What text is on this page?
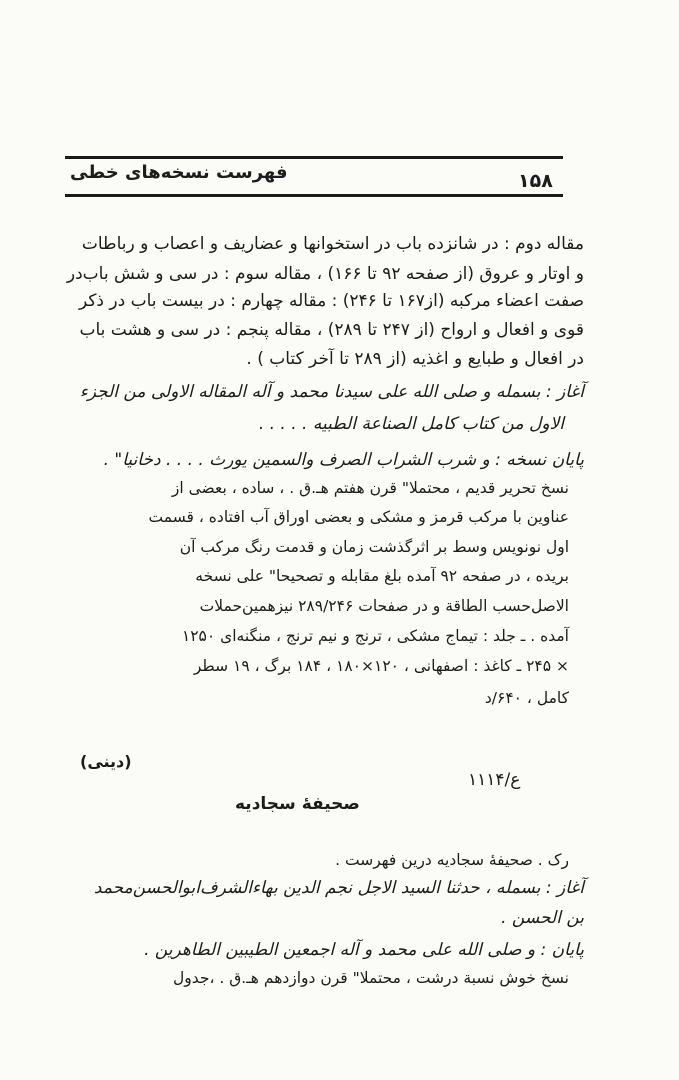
فهرست نسخه‌های خطی	۱۵۸
مقاله دوم : در شانزده باب در استخوانها و عضاریف و اعصاب و رباطات
و اوتار و عروق (از صفحه ۹۲ تا ۱۶۶) ، مقاله سوم : در سی و شش باب‌در
صفت اعضاء مرکبه (از۱۶۷ تا ۲۴۶) : مقاله چهارم : در بیست باب در ذکر
قوی و افعال و ارواح (از ۲۴۷ تا ۲۸۹) ، مقاله پنجم : در سی و هشت باب
در افعال و طبایع و اغذیه (از ۲۸۹ تا آخر کتاب ) .
آغاز : بسمله و صلی الله علی سیدنا محمد و آله المقاله الاولی من الجزء
الاول من کتاب کامل الصناعة الطبیه . . . . .
پایان نسخه : و شرب الشراب الصرف والسمین یورث . . . . دخانیا" .
نسخ تحریر قدیم ، محتملا" قرن هفتم هـ.ق . ، ساده ، بعضی از
عناوین با مرکب قرمز و مشکی و بعضی اوراق آب افتاده ، قسمت
اول نونویس وسط بر اثرگذشت زمان و قدمت رنگ مرکب آن
بریده ، در صفحه ۹۲ آمده بلغ مقابله و تصحیحا" علی نسخه
الاصل‌حسب الطاقة و در صفحات ۲۸۹/۲۴۶ نیزهمین‌حملات
آمده . ـ جلد : تیماج مشکی ، ترنج و نیم ترنج ، منگنه‌ای ۱۲۵۰
× ۲۴۵ ـ کاغذ : اصفهانی ، ۱۲۰×۱۸۰ ، ۱۸۴ برگ ، ۱۹ سطر
کامل ، ۶۴۰/د
(دینی)
ع/۱۱۱۴
صحیفهٔ سجادیه
رک . صحیفهٔ سجادیه درین فهرست .
آغاز : بسمله ، حدثنا السید الاجل نجم الدین بهاءالشرف‌ابوالحسن‌محمد
بن الحسن .
پایان : و صلی الله علی محمد و آله اجمعین الطیبین الطاهرین .
نسخ خوش نسبة درشت ، محتملا" قرن دوازدهم هـ.ق . ،جدول
